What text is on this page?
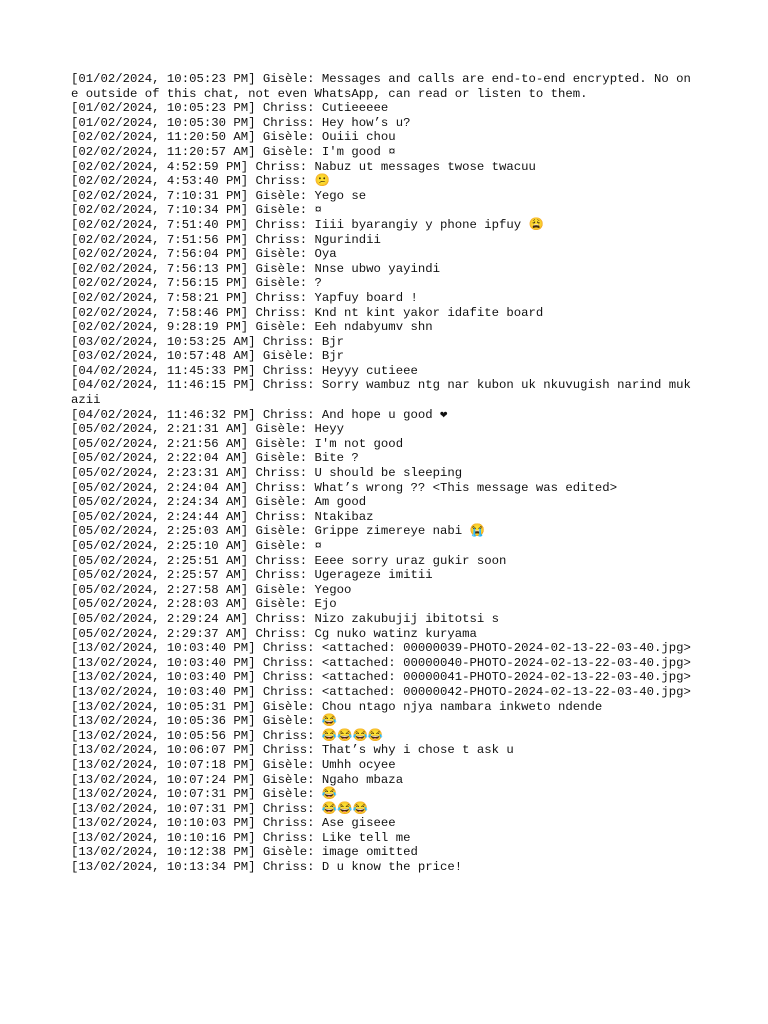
[01/02/2024, 10:05:23 PM] Gisèle: Messages and calls are end-to-end encrypted. No one outside of this chat, not even WhatsApp, can read or listen to them.
[01/02/2024, 10:05:23 PM] Chriss: Cutieeeee
[01/02/2024, 10:05:30 PM] Chriss: Hey how’s u?
[02/02/2024, 11:20:50 AM] Gisèle: Ouiii chou
[02/02/2024, 11:20:57 AM] Gisèle: I'm good ¤
[02/02/2024, 4:52:59 PM] Chriss: Nabuz ut messages twose twacuu
[02/02/2024, 4:53:40 PM] Chriss: 😕
[02/02/2024, 7:10:31 PM] Gisèle: Yego se
[02/02/2024, 7:10:34 PM] Gisèle: ¤
[02/02/2024, 7:51:40 PM] Chriss: Iiii byarangiy y phone ipfuy 😩
[02/02/2024, 7:51:56 PM] Chriss: Ngurindii
[02/02/2024, 7:56:04 PM] Gisèle: Oya
[02/02/2024, 7:56:13 PM] Gisèle: Nnse ubwo yayindi
[02/02/2024, 7:56:15 PM] Gisèle: ?
[02/02/2024, 7:58:21 PM] Chriss: Yapfuy board !
[02/02/2024, 7:58:46 PM] Chriss: Knd nt kint yakor idafite board
[02/02/2024, 9:28:19 PM] Gisèle: Eeh ndabyumv shn
[03/02/2024, 10:53:25 AM] Chriss: Bjr
[03/02/2024, 10:57:48 AM] Gisèle: Bjr
[04/02/2024, 11:45:33 PM] Chriss: Heyyy cutieee
[04/02/2024, 11:46:15 PM] Chriss: Sorry wambuz ntg nar kubon uk nkuvugish narind mukazii
[04/02/2024, 11:46:32 PM] Chriss: And hope u good ❤
[05/02/2024, 2:21:31 AM] Gisèle: Heyy
[05/02/2024, 2:21:56 AM] Gisèle: I'm not good
[05/02/2024, 2:22:04 AM] Gisèle: Bite ?
[05/02/2024, 2:23:31 AM] Chriss: U should be sleeping
[05/02/2024, 2:24:04 AM] Chriss: What’s wrong ?? <This message was edited>
[05/02/2024, 2:24:34 AM] Gisèle: Am good
[05/02/2024, 2:24:44 AM] Chriss: Ntakibaz
[05/02/2024, 2:25:03 AM] Gisèle: Grippe zimereye nabi 😭
[05/02/2024, 2:25:10 AM] Gisèle: ¤
[05/02/2024, 2:25:51 AM] Chriss: Eeee sorry uraz gukir soon
[05/02/2024, 2:25:57 AM] Chriss: Ugerageze imitii
[05/02/2024, 2:27:58 AM] Gisèle: Yegoo
[05/02/2024, 2:28:03 AM] Gisèle: Ejo
[05/02/2024, 2:29:24 AM] Chriss: Nizo zakubujij ibitotsi s
[05/02/2024, 2:29:37 AM] Chriss: Cg nuko watinz kuryama
[13/02/2024, 10:03:40 PM] Chriss: <attached: 00000039-PHOTO-2024-02-13-22-03-40.jpg>
[13/02/2024, 10:03:40 PM] Chriss: <attached: 00000040-PHOTO-2024-02-13-22-03-40.jpg>
[13/02/2024, 10:03:40 PM] Chriss: <attached: 00000041-PHOTO-2024-02-13-22-03-40.jpg>
[13/02/2024, 10:03:40 PM] Chriss: <attached: 00000042-PHOTO-2024-02-13-22-03-40.jpg>
[13/02/2024, 10:05:31 PM] Gisèle: Chou ntago njya nambara inkweto ndende
[13/02/2024, 10:05:36 PM] Gisèle: 😂
[13/02/2024, 10:05:56 PM] Chriss: 😂😂😂😂
[13/02/2024, 10:06:07 PM] Chriss: That’s why i chose t ask u
[13/02/2024, 10:07:18 PM] Gisèle: Umhh ocyee
[13/02/2024, 10:07:24 PM] Gisèle: Ngaho mbaza
[13/02/2024, 10:07:31 PM] Gisèle: 😂
[13/02/2024, 10:07:31 PM] Chriss: 😂😂😂
[13/02/2024, 10:10:03 PM] Chriss: Ase giseee
[13/02/2024, 10:10:16 PM] Chriss: Like tell me
[13/02/2024, 10:12:38 PM] Gisèle: image omitted
[13/02/2024, 10:13:34 PM] Chriss: D u know the price!
